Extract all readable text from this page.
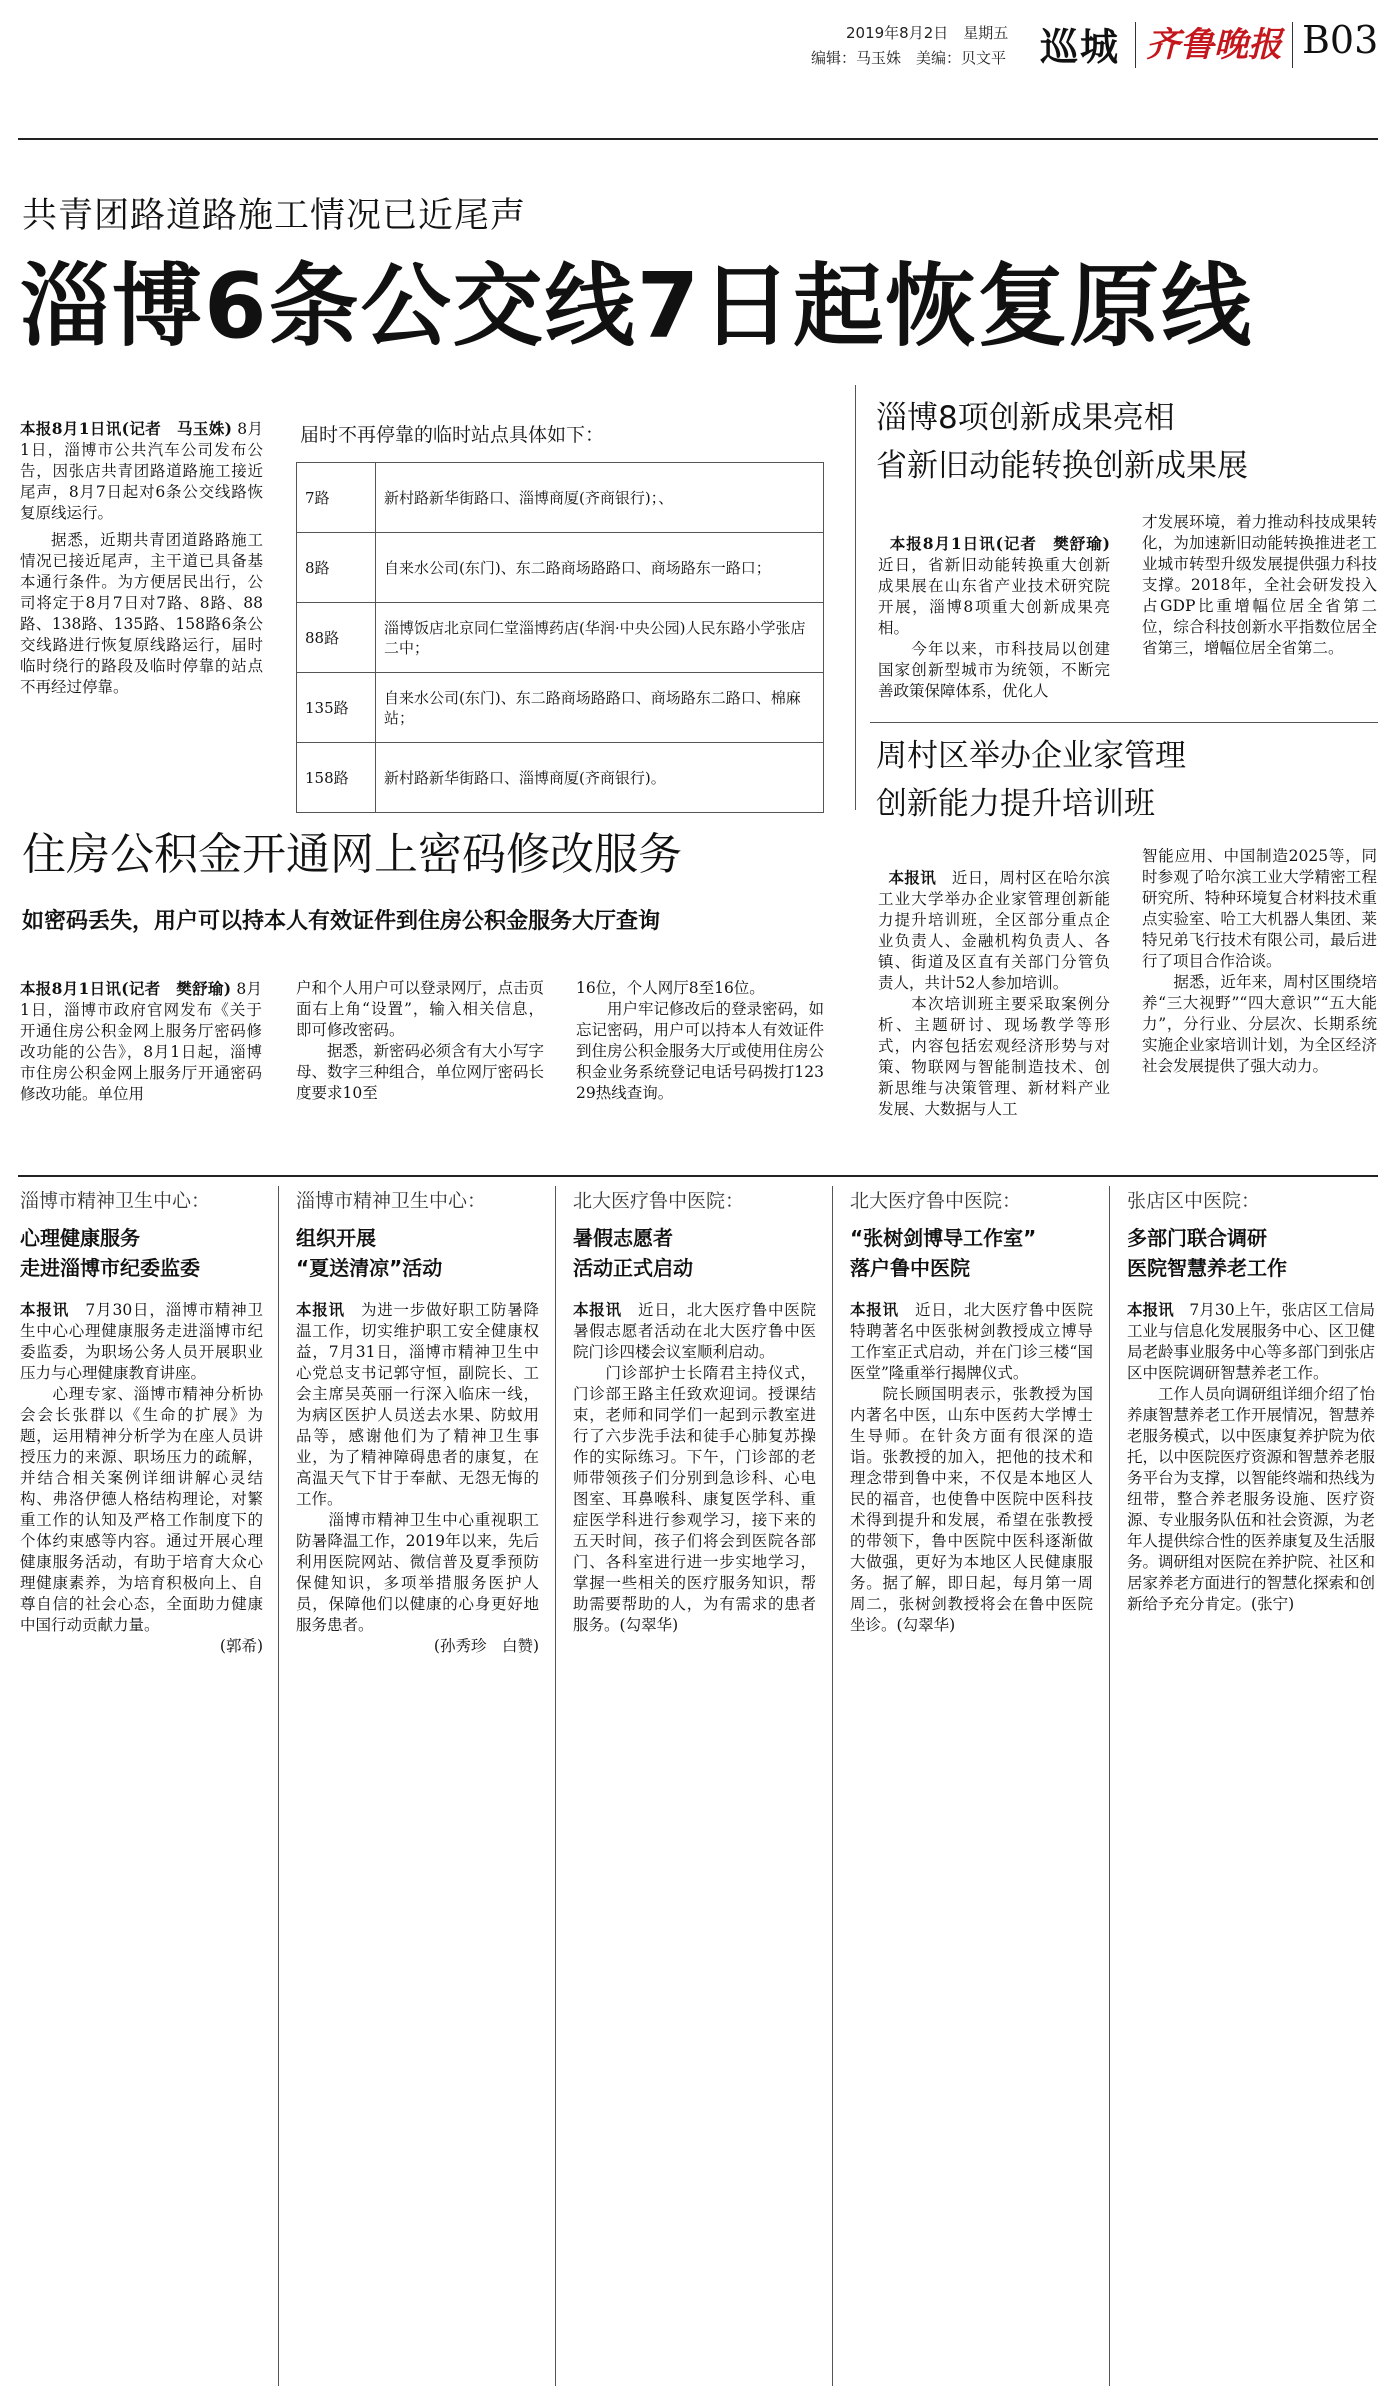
2019年8月2日　星期五
编辑：马玉姝　美编：贝文平 巡城 齐鲁晚报 B03
共青团路道路施工情况已近尾声
淄博6条公交线7日起恢复原线
本报8月1日讯(记者　马玉姝) 8月1日，淄博市公共汽车公司发布公告，因张店共青团路道路施工接近尾声，8月7日起对6条公交线路恢复原线运行。
据悉，近期共青团道路路施工情况已接近尾声，主干道已具备基本通行条件。为方便居民出行，公司将定于8月7日对7路、8路、88路、138路、135路、158路6条公交线路进行恢复原线路运行，届时临时绕行的路段及临时停靠的站点不再经过停靠。
届时不再停靠的临时站点具体如下：
7路	新村路新华街路口、淄博商厦(齐商银行)；、
8路	自来水公司(东门)、东二路商场路路口、商场路东一路口；
88路	淄博饭店北京同仁堂淄博药店(华润·中央公园)人民东路小学张店二中；
135路	自来水公司(东门)、东二路商场路路口、商场路东二路口、棉麻站；
158路	新村路新华街路口、淄博商厦(齐商银行)。
淄博8项创新成果亮相
省新旧动能转换创新成果展

本报8月1日讯(记者　樊舒瑜)近日，省新旧动能转换重大创新成果展在山东省产业技术研究院开展，淄博8项重大创新成果亮相。
　　今年以来，市科技局以创建国家创新型城市为统领，不断完善政策保障体系，优化人

才发展环境，着力推动科技成果转化，为加速新旧动能转换推进老工业城市转型升级发展提供强力科技支撑。2018年，全社会研发投入占GDP比重增幅位居全省第二位，综合科技创新水平指数位居全省第三，增幅位居全省第二。
周村区举办企业家管理
创新能力提升培训班

本报讯　 近日，周村区在哈尔滨工业大学举办企业家管理创新能力提升培训班，全区部分重点企业负责人、金融机构负责人、各镇、街道及区直有关部门分管负责人，共计52人参加培训。
　　本次培训班主要采取案例分析、主题研讨、现场教学等形式，内容包括宏观经济形势与对策、物联网与智能制造技术、创新思维与决策管理、新材料产业发展、大数据与人工

智能应用、中国制造2025等，同时参观了哈尔滨工业大学精密工程研究所、特种环境复合材料技术重点实验室、哈工大机器人集团、莱特兄弟飞行技术有限公司，最后进行了项目合作洽谈。
　　据悉，近年来，周村区围绕培养“三大视野”“四大意识”“五大能力”，分行业、分层次、长期系统实施企业家培训计划，为全区经济社会发展提供了强大动力。
住房公积金开通网上密码修改服务
如密码丢失，用户可以持本人有效证件到住房公积金服务大厅查询
本报8月1日讯(记者　樊舒瑜) 8月1日，淄博市政府官网发布《关于开通住房公积金网上服务厅密码修改功能的公告》，8月1日起，淄博市住房公积金网上服务厅开通密码修改功能。单位用
户和个人用户可以登录网厅，点击页面右上角“设置”，输入相关信息，即可修改密码。
　　据悉，新密码必须含有大小写字母、数字三种组合，单位网厅密码长度要求10至
16位，个人网厅8至16位。
　　用户牢记修改后的登录密码，如忘记密码，用户可以持本人有效证件到住房公积金服务大厅或使用住房公积金业务系统登记电话号码拨打12329热线查询。
淄博市精神卫生中心：
心理健康服务
走进淄博市纪委监委
本报讯　 7月30日，淄博市精神卫生中心心理健康服务走进淄博市纪委监委，为职场公务人员开展职业压力与心理健康教育讲座。
　　心理专家、淄博市精神分析协会会长张群以《生命的扩展》为题，运用精神分析学为在座人员讲授压力的来源、职场压力的疏解，并结合相关案例详细讲解心灵结构、弗洛伊德人格结构理论，对繁重工作的认知及严格工作制度下的个体约束感等内容。通过开展心理健康服务活动，有助于培育大众心理健康素养，为培育积极向上、自尊自信的社会心态，全面助力健康中国行动贡献力量。
(郭希)
淄博市精神卫生中心：
组织开展
“夏送清凉”活动
本报讯　 为进一步做好职工防暑降温工作，切实维护职工安全健康权益，7月31日，淄博市精神卫生中心党总支书记郭守恒，副院长、工会主席吴英丽一行深入临床一线，为病区医护人员送去水果、防蚊用品等，感谢他们为了精神卫生事业，为了精神障碍患者的康复，在高温天气下甘于奉献、无怨无悔的工作。
　　淄博市精神卫生中心重视职工防暑降温工作，2019年以来，先后利用医院网站、微信普及夏季预防保健知识，多项举措服务医护人员，保障他们以健康的心身更好地服务患者。
(孙秀珍　白赞)
北大医疗鲁中医院：
暑假志愿者
活动正式启动
本报讯　 近日，北大医疗鲁中医院暑假志愿者活动在北大医疗鲁中医院门诊四楼会议室顺利启动。
　　门诊部护士长隋君主持仪式，门诊部王路主任致欢迎词。授课结束，老师和同学们一起到示教室进行了六步洗手法和徒手心肺复苏操作的实际练习。下午，门诊部的老师带领孩子们分别到急诊科、心电图室、耳鼻喉科、康复医学科、重症医学科进行参观学习，接下来的五天时间，孩子们将会到医院各部门、各科室进行进一步实地学习，掌握一些相关的医疗服务知识，帮助需要帮助的人，为有需求的患者服务。(勾翠华)
北大医疗鲁中医院：
“张树剑博导工作室”
落户鲁中医院
本报讯　 近日，北大医疗鲁中医院特聘著名中医张树剑教授成立博导工作室正式启动，并在门诊三楼“国医堂”隆重举行揭牌仪式。
　　院长顾国明表示，张教授为国内著名中医，山东中医药大学博士生导师。在针灸方面有很深的造诣。张教授的加入，把他的技术和理念带到鲁中来，不仅是本地区人民的福音，也使鲁中医院中医科技术得到提升和发展，希望在张教授的带领下，鲁中医院中医科逐渐做大做强，更好为本地区人民健康服务。据了解，即日起，每月第一周周二，张树剑教授将会在鲁中医院坐诊。(勾翠华)
张店区中医院：
多部门联合调研
医院智慧养老工作
本报讯　 7月30上午，张店区工信局工业与信息化发展服务中心、区卫健局老龄事业服务中心等多部门到张店区中医院调研智慧养老工作。
　　工作人员向调研组详细介绍了怡养康智慧养老工作开展情况，智慧养老服务模式，以中医康复养护院为依托，以中医院医疗资源和智慧养老服务平台为支撑，以智能终端和热线为纽带，整合养老服务设施、医疗资源、专业服务队伍和社会资源，为老年人提供综合性的医养康复及生活服务。调研组对医院在养护院、社区和居家养老方面进行的智慧化探索和创新给予充分肯定。(张宁)
